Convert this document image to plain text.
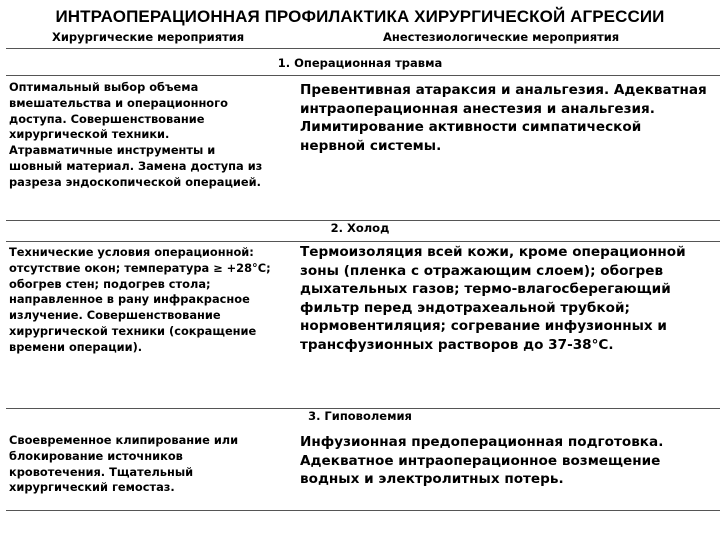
ИНТРАОПЕРАЦИОННАЯ ПРОФИЛАКТИКА ХИРУРГИЧЕСКОЙ АГРЕССИИ
Хирургические мероприятия	Анестезиологические мероприятия
1. Операционная травма
Оптимальный выбор объема
вмешательства и операционного
доступа. Совершенствование
хирургической техники.
Атравматичные инструменты и
шовный материал. Замена доступа из
разреза эндоскопической операцией.
Превентивная атараксия и анальгезия. Адекватная
интраоперационная анестезия и анальгезия.
Лимитирование активности симпатической
нервной системы.
2. Холод
Технические условия операционной:
отсутствие окон; температура ≥ +28°С;
обогрев стен; подогрев стола;
направленное в рану инфракрасное
излучение. Совершенствование
хирургической техники (сокращение
времени операции).
Термоизоляция всей кожи, кроме операционной
зоны (пленка с отражающим слоем); обогрев
дыхательных газов; термо-влагосберегающий
фильтр перед эндотрахеальной трубкой;
нормовентиляция; согревание инфузионных и
трансфузионных растворов до 37-38°С.
3. Гиповолемия
Своевременное клипирование или
блокирование источников
кровотечения. Тщательный
хирургический гемостаз.
Инфузионная предоперационная подготовка.
Адекватное интраоперационное возмещение
водных и электролитных потерь.
